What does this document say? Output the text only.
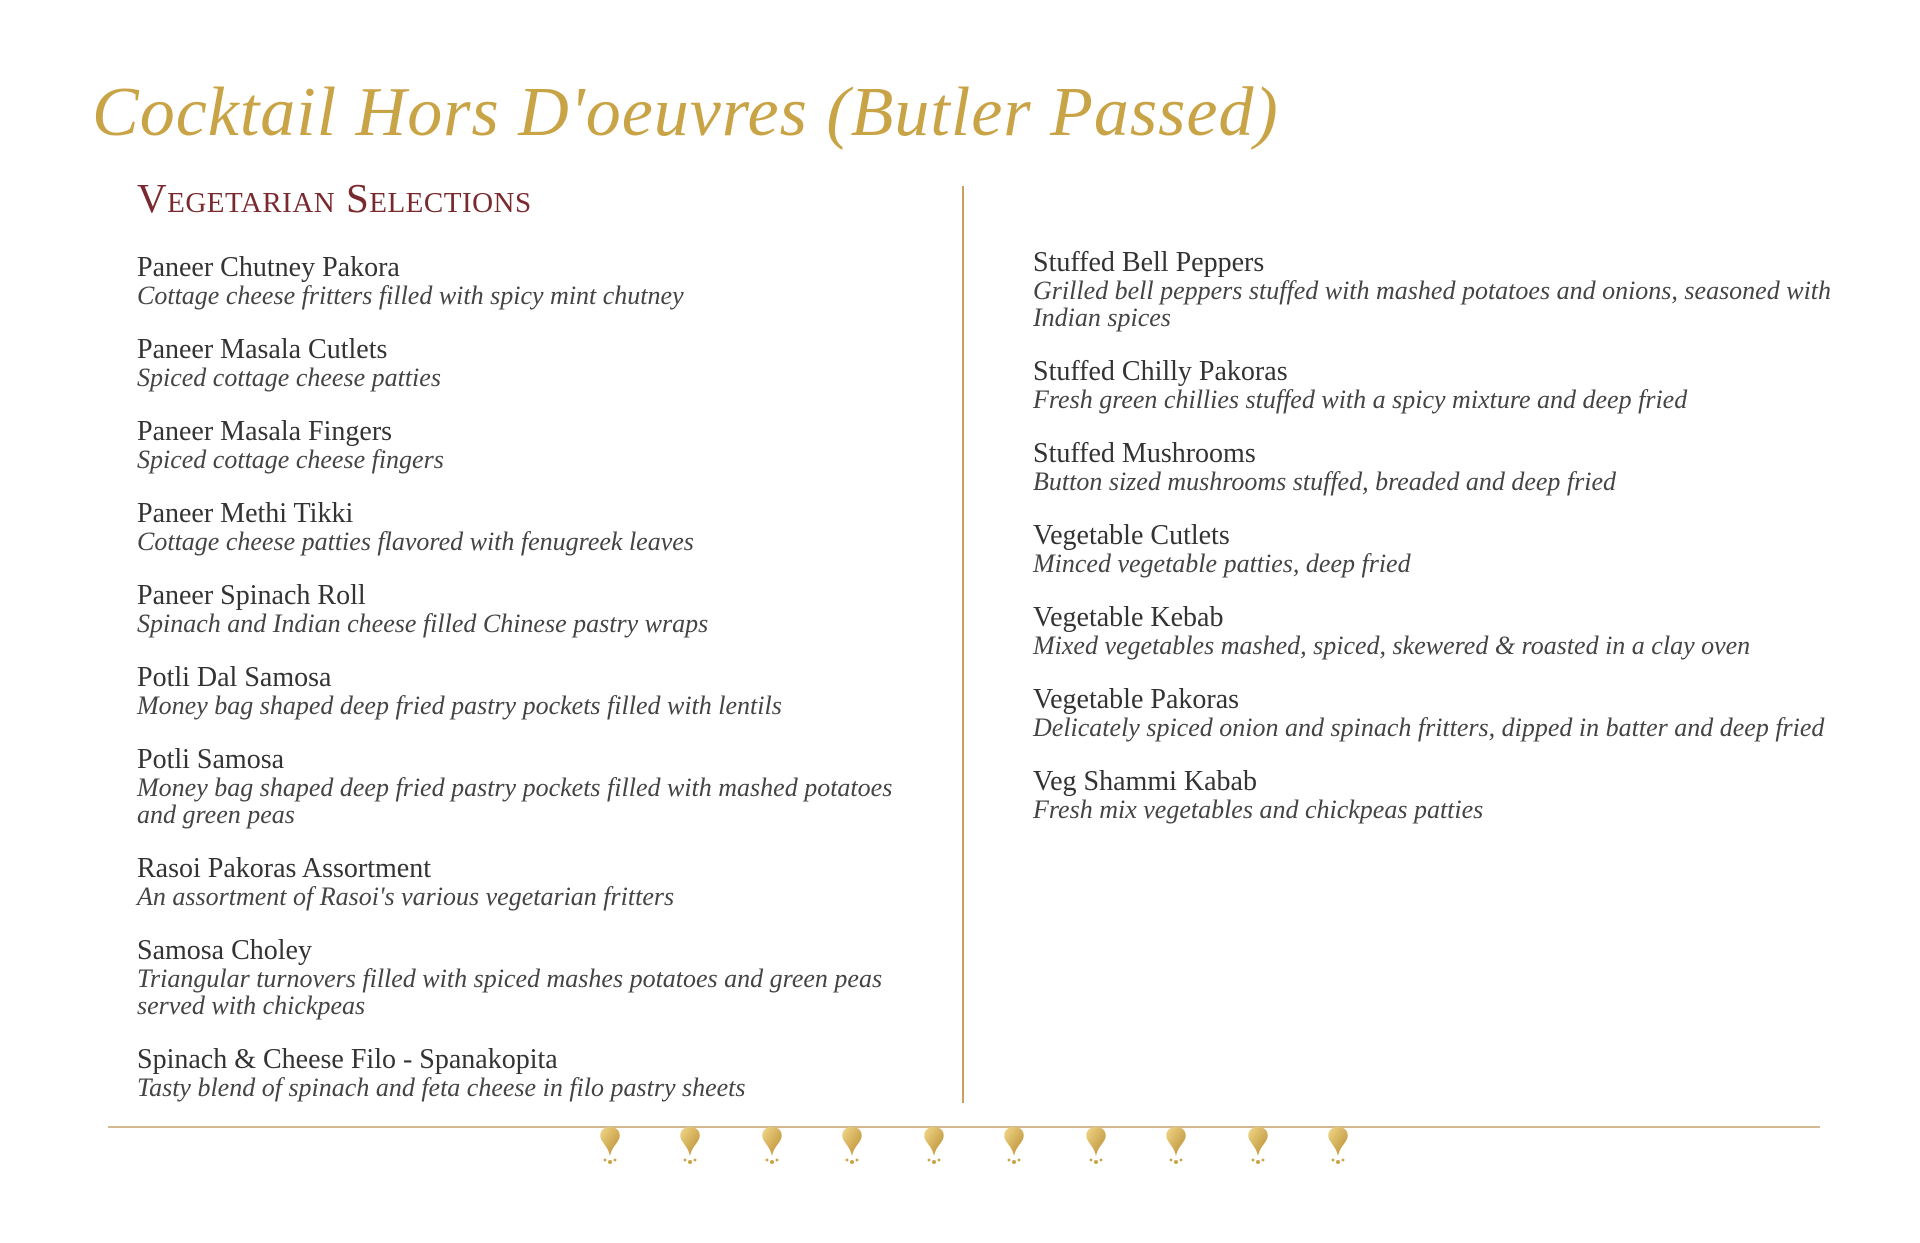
Cocktail Hors D'oeuvres (Butler Passed)
Vegetarian Selections
Paneer Chutney Pakora
Cottage cheese fritters filled with spicy mint chutney
Paneer Masala Cutlets
Spiced cottage cheese patties
Paneer Masala Fingers
Spiced cottage cheese fingers
Paneer Methi Tikki
Cottage cheese patties flavored with fenugreek leaves
Paneer Spinach Roll
Spinach and Indian cheese filled Chinese pastry wraps
Potli Dal Samosa
Money bag shaped deep fried pastry pockets filled with lentils
Potli Samosa
Money bag shaped deep fried pastry pockets filled with mashed potatoes and green peas
Rasoi Pakoras Assortment
An assortment of Rasoi's various vegetarian fritters
Samosa Choley
Triangular turnovers filled with spiced mashes potatoes and green peas served with chickpeas
Spinach & Cheese Filo - Spanakopita
Tasty blend of spinach and feta cheese in filo pastry sheets
Stuffed Bell Peppers
Grilled bell peppers stuffed with mashed potatoes and onions, seasoned with Indian spices
Stuffed Chilly Pakoras
Fresh green chillies stuffed with a spicy mixture and deep fried
Stuffed Mushrooms
Button sized mushrooms stuffed, breaded and deep fried
Vegetable Cutlets
Minced vegetable patties, deep fried
Vegetable Kebab
Mixed vegetables mashed, spiced, skewered & roasted in a clay oven
Vegetable Pakoras
Delicately spiced onion and spinach fritters, dipped in batter and deep fried
Veg Shammi Kabab
Fresh mix vegetables and chickpeas patties
